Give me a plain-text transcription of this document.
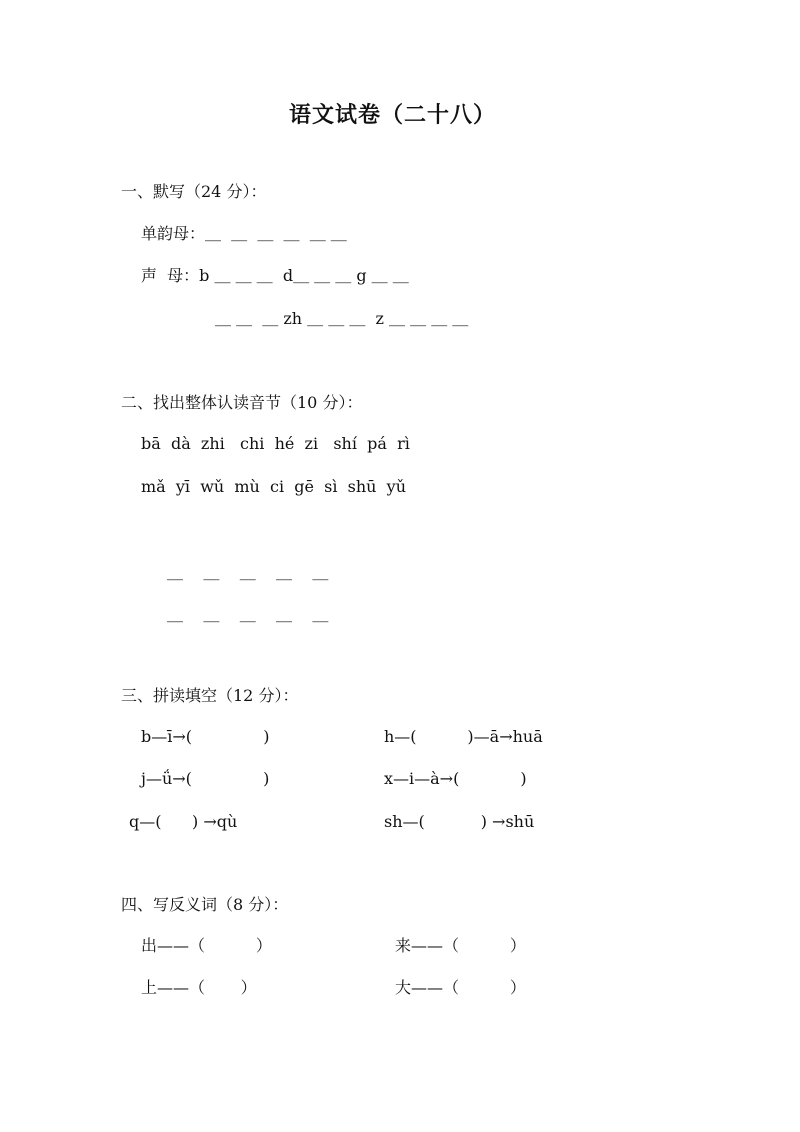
语文试卷（二十八）
一、默写（24 分）：
单韵母：＿  ＿  ＿  ＿  ＿ ＿
声  母：b ＿ ＿ ＿  d＿ ＿ ＿ g ＿ ＿
＿ ＿  ＿ zh ＿ ＿ ＿  z ＿ ＿ ＿ ＿
二、找出整体认读音节（10 分）：
bā  dà  zhi   chi  hé  zi   shí  pá  rì
mǎ  yī  wǔ  mù  ci  gē  sì  shū  yǔ
＿    ＿    ＿    ＿    ＿
＿    ＿    ＿    ＿    ＿
三、拼读填空（12 分）：
b—ī→(              )	h—(          )—ā→huā
j—ǘ→(              )	x—i—à→(            )
q—(      ) →qù	sh—(           ) →shū
四、写反义词（8 分）：
出——（          ）	来——（          ）
上——（       ）	大——（          ）
